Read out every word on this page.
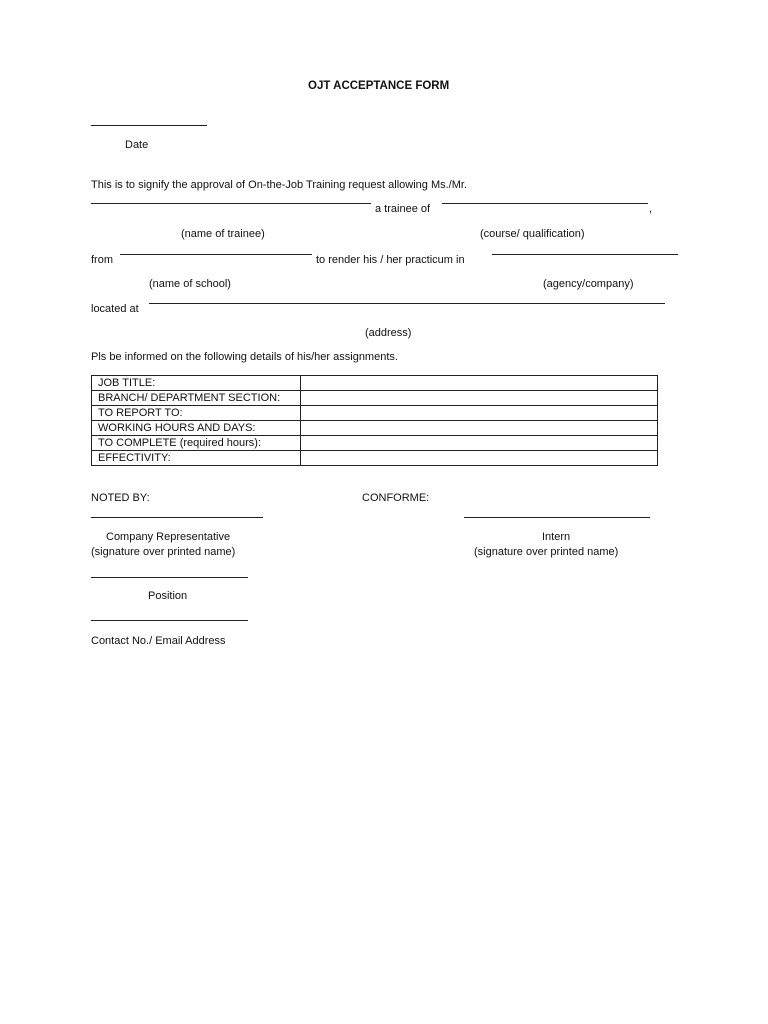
OJT ACCEPTANCE FORM
Date
This is to signify the approval of On-the-Job Training request allowing Ms./Mr.
a trainee of	,
(name of trainee)	(course/ qualification)
from	to render his / her practicum in
(name of school)	(agency/company)
located at
(address)
Pls be informed on the following details of his/her assignments.
JOB TITLE:	
BRANCH/ DEPARTMENT SECTION:	
TO REPORT TO:	
WORKING HOURS AND DAYS:	
TO COMPLETE (required hours):	
EFFECTIVITY:	
NOTED BY:	CONFORME:
Company Representative
(signature over printed name)
Intern
(signature over printed name)
Position
Contact No./ Email Address
